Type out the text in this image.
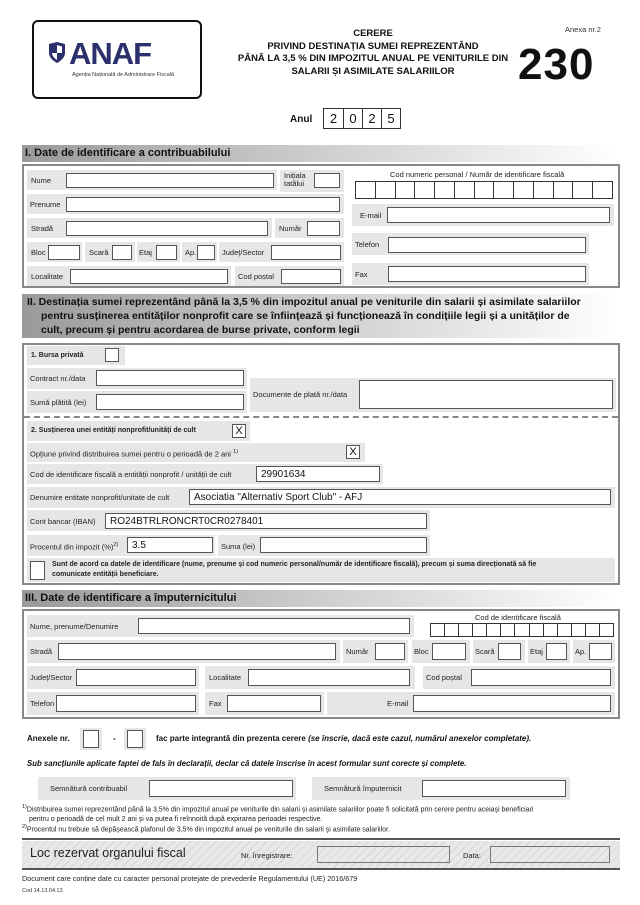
ANAF
Agenția Națională de Administrare Fiscală
CERERE
PRIVIND DESTINAȚIA SUMEI REPREZENTÂND
PÂNĂ LA 3,5 % DIN IMPOZITUL ANUAL PE VENITURILE DIN
SALARII ȘI ASIMILATE SALARIILOR
Anexa nr.2
230
Anul	2 0 2 5
I. Date de identificare a contribuabilului
Nume
Inițiala
tatălui
Cod numeric personal / Număr de identificare fiscală
Prenume
E-mail
Stradă	Număr
Telefon
Bloc	Scară	Etaj	Ap.	Județ/Sector
Fax
Localitate	Cod poștal
II. Destinația sumei reprezentând până la 3,5 % din impozitul anual pe veniturile din salarii și asimilate salariilor
pentru susținerea entităților nonprofit care se înființează și funcționează în condițiile legii și a unităților de
cult, precum și pentru acordarea de burse private, conform legii
1. Bursa privată
Contract nr./data
Sumă plătită (lei)
Documente de plată nr./data
2. Susținerea unei entități nonprofit/unități de cult	X
Opțiune privind distribuirea sumei pentru o perioadă de 2 ani $^{1)}$	X
Cod de identificare fiscală a entității nonprofit / unității de cult	29901634
Denumire entitate nonprofit/unitate de cult	Asociatia "Alternativ Sport Club" - AFJ
Cont bancar (IBAN)	RO24BTRLRONCRT0CR0278401
Procentul din impozit (%)$^{2)}$	3.5	Suma (lei)
Sunt de acord ca datele de identificare (nume, prenume și cod numeric personal/număr de identificare fiscală), precum și suma direcționată să fie
comunicate entității beneficiare.
III. Date de identificare a împuternicitului
Nume, prenume/Denumire
Cod de identificare fiscală
Stradă	Număr	Bloc	Scară	Etaj	Ap.
Județ/Sector	Localitate	Cod poștal
Telefon	Fax	E-mail
Anexele nr.	-	fac parte integrantă din prezenta cerere (se înscrie, dacă este cazul, numărul anexelor completate).
Sub sancțiunile aplicate faptei de fals în declarații, declar că datele înscrise în acest formular sunt corecte și complete.
Semnătură contribuabil	Semnătură împuternicit
$^{1)}$Distribuirea sumei reprezentând până la 3,5% din impozitul anual pe veniturile din salarii și asimilate salariilor poate fi solicitată prin cerere pentru aceiași beneficiari
pentru o perioadă de cel mult 2 ani și va putea fi reînnoită după expirarea perioadei respective.
$^{2)}$Procentul nu trebuie să depășească plafonul de 3,5% din impozitul anual pe veniturile din salarii și asimilate salariilor.
Loc rezervat organului fiscal	Nr. înregistrare:	Data:
Document care conține date cu caracter personal protejate de prevederile Regulamentului (UE) 2016/679
Cod 14.13.04.13
